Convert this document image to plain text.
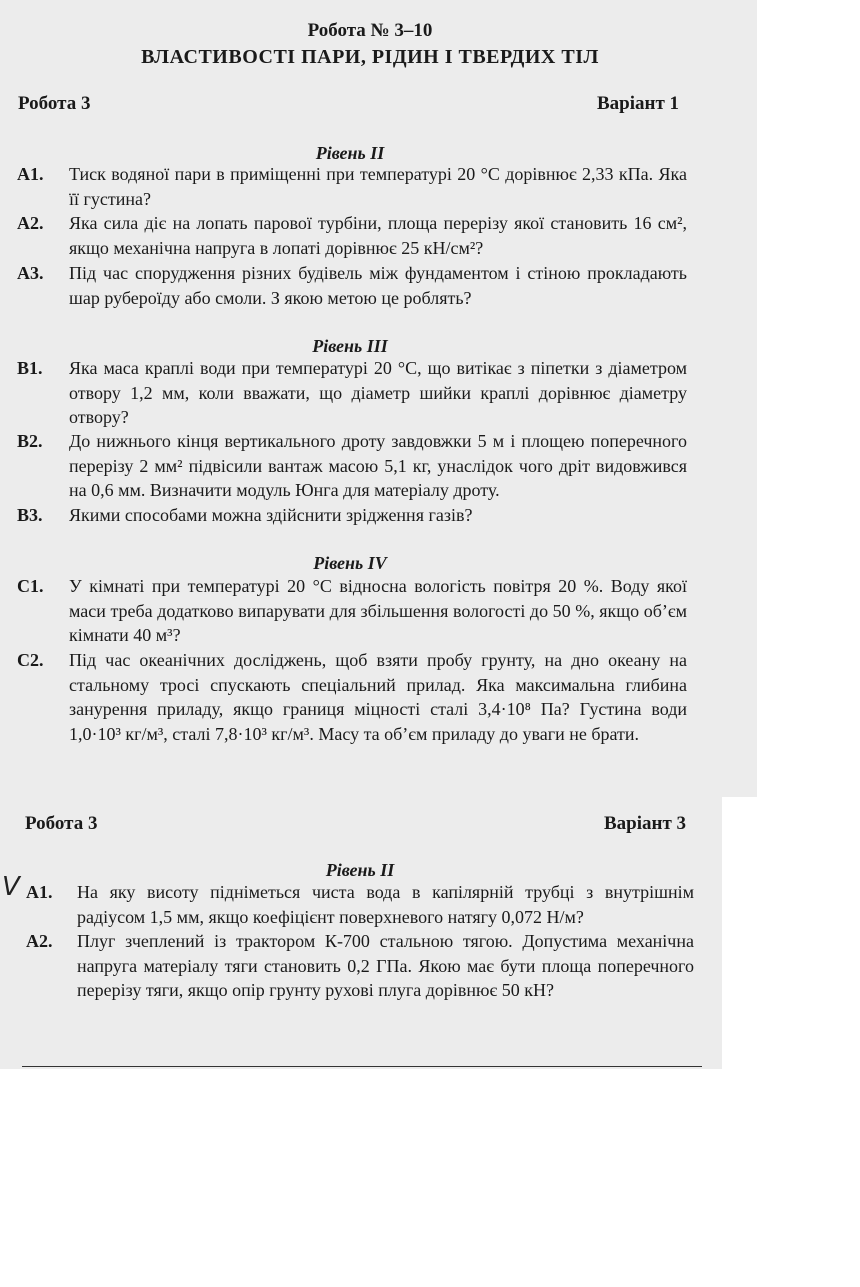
Робота № 3–10
ВЛАСТИВОСТІ ПАРИ, РІДИН І ТВЕРДИХ ТІЛ
Робота 3	Варіант 1
Рівень II
А1. Тиск водяної пари в приміщенні при температурі 20 °С дорівнює 2,33 кПа. Яка її густина?
А2. Яка сила діє на лопать парової турбіни, площа перерізу якої становить 16 см², якщо механічна напруга в лопаті дорівнює 25 кН/см²?
А3. Під час спорудження різних будівель між фундаментом і стіною прокладають шар рубероїду або смоли. З якою метою це роблять?
Рівень III
В1. Яка маса краплі води при температурі 20 °С, що витікає з піпетки з діаметром отвору 1,2 мм, коли вважати, що діаметр шийки краплі дорівнює діаметру отвору?
В2. До нижнього кінця вертикального дроту завдовжки 5 м і площею поперечного перерізу 2 мм² підвісили вантаж масою 5,1 кг, унаслідок чого дріт видовжився на 0,6 мм. Визначити модуль Юнга для матеріалу дроту.
В3. Якими способами можна здійснити зрідження газів?
Рівень IV
С1. У кімнаті при температурі 20 °С відносна вологість повітря 20 %. Воду якої маси треба додатково випарувати для збільшення вологості до 50 %, якщо об’єм кімнати 40 м³?
С2. Під час океанічних досліджень, щоб взяти пробу грунту, на дно океану на стальному тросі спускають спеціальний прилад. Яка максимальна глибина занурення приладу, якщо границя міцності сталі 3,4·10⁸ Па? Густина води 1,0·10³ кг/м³, сталі 7,8·10³ кг/м³. Масу та об’єм приладу до уваги не брати.
Робота 3	Варіант 3
Рівень II
V А1. На яку висоту підніметься чиста вода в капілярній трубці з внутрішнім радіусом 1,5 мм, якщо коефіцієнт поверхневого натягу 0,072 Н/м?
А2. Плуг зчеплений із трактором К-700 стальною тягою. Допустима механічна напруга матеріалу тяги становить 0,2 ГПа. Якою має бути площа поперечного перерізу тяги, якщо опір грунту рухові плуга дорівнює 50 кН?
